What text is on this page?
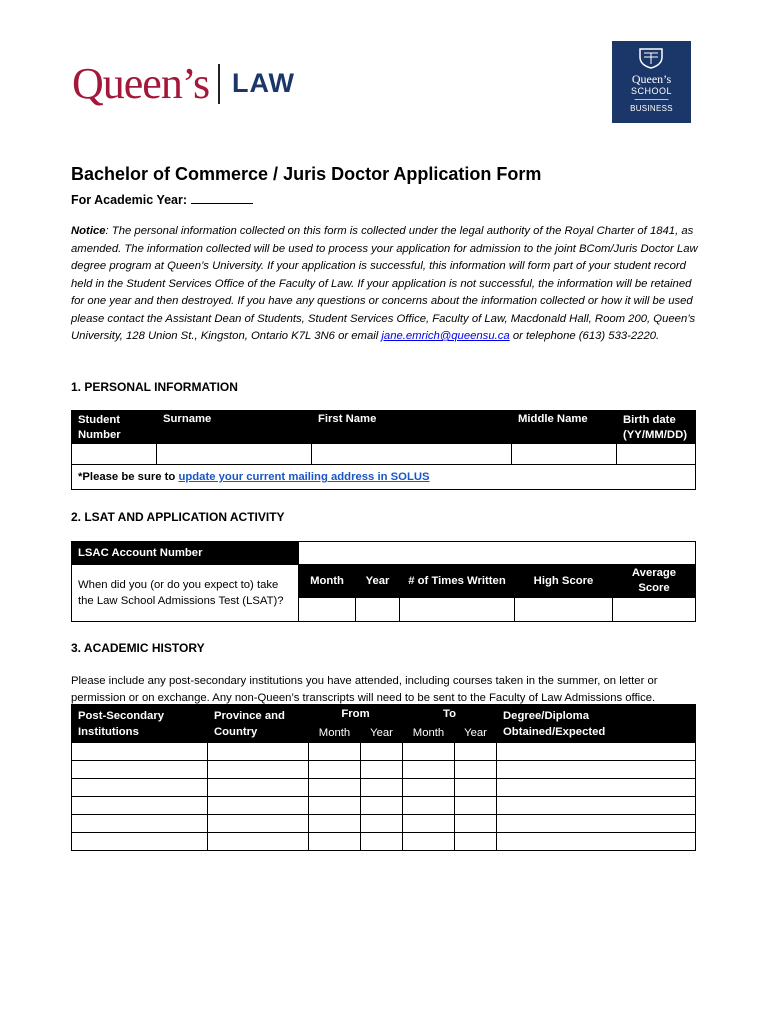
Queen’s LAW	Queen’s
SCHOOL
━━━━━━━━━━━━━━
BUSINESS
Bachelor of Commerce / Juris Doctor Application Form
For Academic Year:
Notice: The personal information collected on this form is collected under the legal authority of the Royal Charter of 1841, as amended. The information collected will be used to process your application for admission to the joint BCom/Juris Doctor Law degree program at Queen’s University. If your application is successful, this information will form part of your student record held in the Student Services Office of the Faculty of Law. If your application is not successful, the information will be retained for one year and then destroyed. If you have any questions or concerns about the information collected or how it will be used please contact the Assistant Dean of Students, Student Services Office, Faculty of Law, Macdonald Hall, Room 200, Queen’s University, 128 Union St., Kingston, Ontario K7L 3N6 or email jane.emrich@queensu.ca or telephone (613) 533-2220.
1. PERSONAL INFORMATION
Student Number	Surname	First Name	Middle Name	Birth date (YY/MM/DD)

*Please be sure to update your current mailing address in SOLUS				
2. LSAT AND APPLICATION ACTIVITY
LSAC Account Number					
When did you (or do you expect to) take the Law School Admissions Test (LSAT)?	Month	Year	# of Times Written	High Score	Average Score

3. ACADEMIC HISTORY
Please include any post-secondary institutions you have attended, including courses taken in the summer, on letter or permission or on exchange. Any non-Queen’s transcripts will need to be sent to the Faculty of Law Admissions office.
Post-Secondary Institutions	Province and Country	From		To		Degree/Diploma Obtained/Expected
		Month	Year	Month	Year	
